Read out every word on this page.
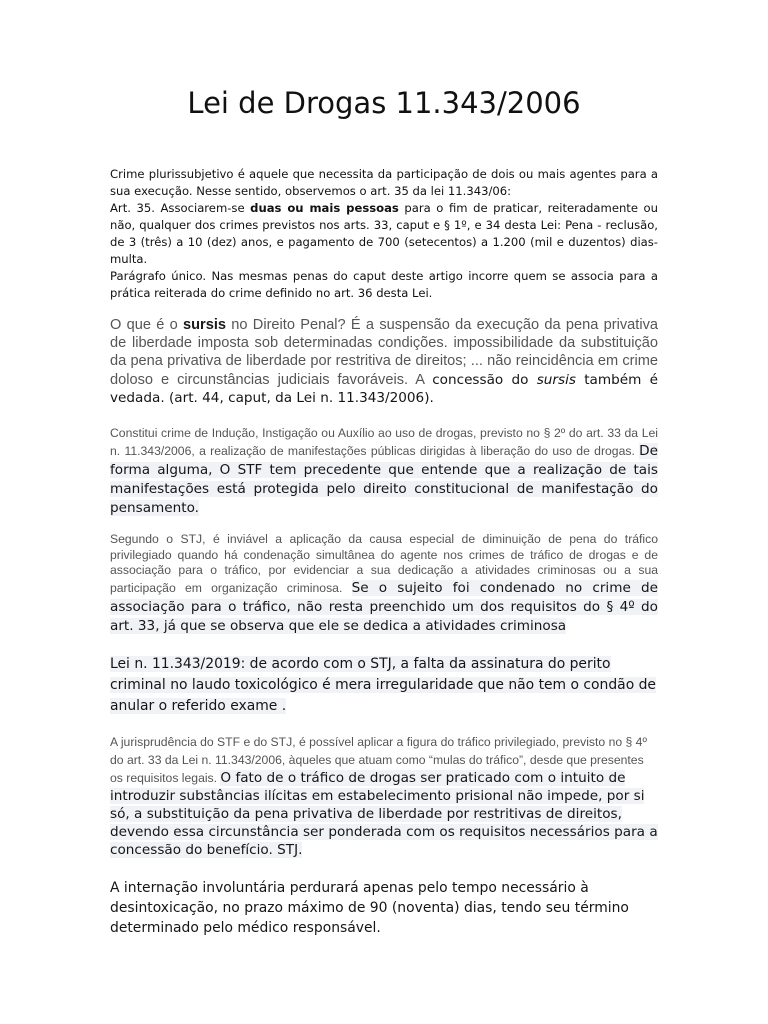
Lei de Drogas 11.343/2006

Crime plurissubjetivo é aquele que necessita da participação de dois ou mais agentes para a sua execução. Nesse sentido, observemos o art. 35 da lei 11.343/06:

Art. 35. Associarem-se duas ou mais pessoas para o fim de praticar, reiteradamente ou não, qualquer dos crimes previstos nos arts. 33, caput e § 1º, e 34 desta Lei: Pena - reclusão, de 3 (três) a 10 (dez) anos, e pagamento de 700 (setecentos) a 1.200 (mil e duzentos) dias-multa.

Parágrafo único. Nas mesmas penas do caput deste artigo incorre quem se associa para a prática reiterada do crime definido no art. 36 desta Lei.

O que é o sursis no Direito Penal? É a suspensão da execução da pena privativa de liberdade imposta sob determinadas condições. impossibilidade da substituição da pena privativa de liberdade por restritiva de direitos; ... não reincidência em crime doloso e circunstâncias judiciais favoráveis. A concessão do sursis também é vedada. (art. 44, caput, da Lei n. 11.343/2006).
Constitui crime de Indução, Instigação ou Auxílio ao uso de drogas, previsto no § 2º do art. 33 da Lei n. 11.343/2006, a realização de manifestações públicas dirigidas à liberação do uso de drogas. De forma alguma, O STF tem precedente que entende que a realização de tais manifestações está protegida pelo direito constitucional de manifestação do pensamento.
Segundo o STJ, é inviável a aplicação da causa especial de diminuição de pena do tráfico privilegiado quando há condenação simultânea do agente nos crimes de tráfico de drogas e de associação para o tráfico, por evidenciar a sua dedicação a atividades criminosas ou a sua participação em organização criminosa. Se o sujeito foi condenado no crime de associação para o tráfico, não resta preenchido um dos requisitos do § 4º do art. 33, já que se observa que ele se dedica a atividades criminosa
Lei n. 11.343/2019: de acordo com o STJ, a falta da assinatura do perito criminal no laudo toxicológico é mera irregularidade que não tem o condão de anular o referido exame .
A jurisprudência do STF e do STJ, é possível aplicar a figura do tráfico privilegiado, previsto no § 4º do art. 33 da Lei n. 11.343/2006, àqueles que atuam como “mulas do tráfico”, desde que presentes os requisitos legais. O fato de o tráfico de drogas ser praticado com o intuito de introduzir substâncias ilícitas em estabelecimento prisional não impede, por si só, a substituição da pena privativa de liberdade por restritivas de direitos, devendo essa circunstância ser ponderada com os requisitos necessários para a concessão do benefício. STJ.
A internação involuntária perdurará apenas pelo tempo necessário à desintoxicação, no prazo máximo de 90 (noventa) dias, tendo seu término determinado pelo médico responsável.
